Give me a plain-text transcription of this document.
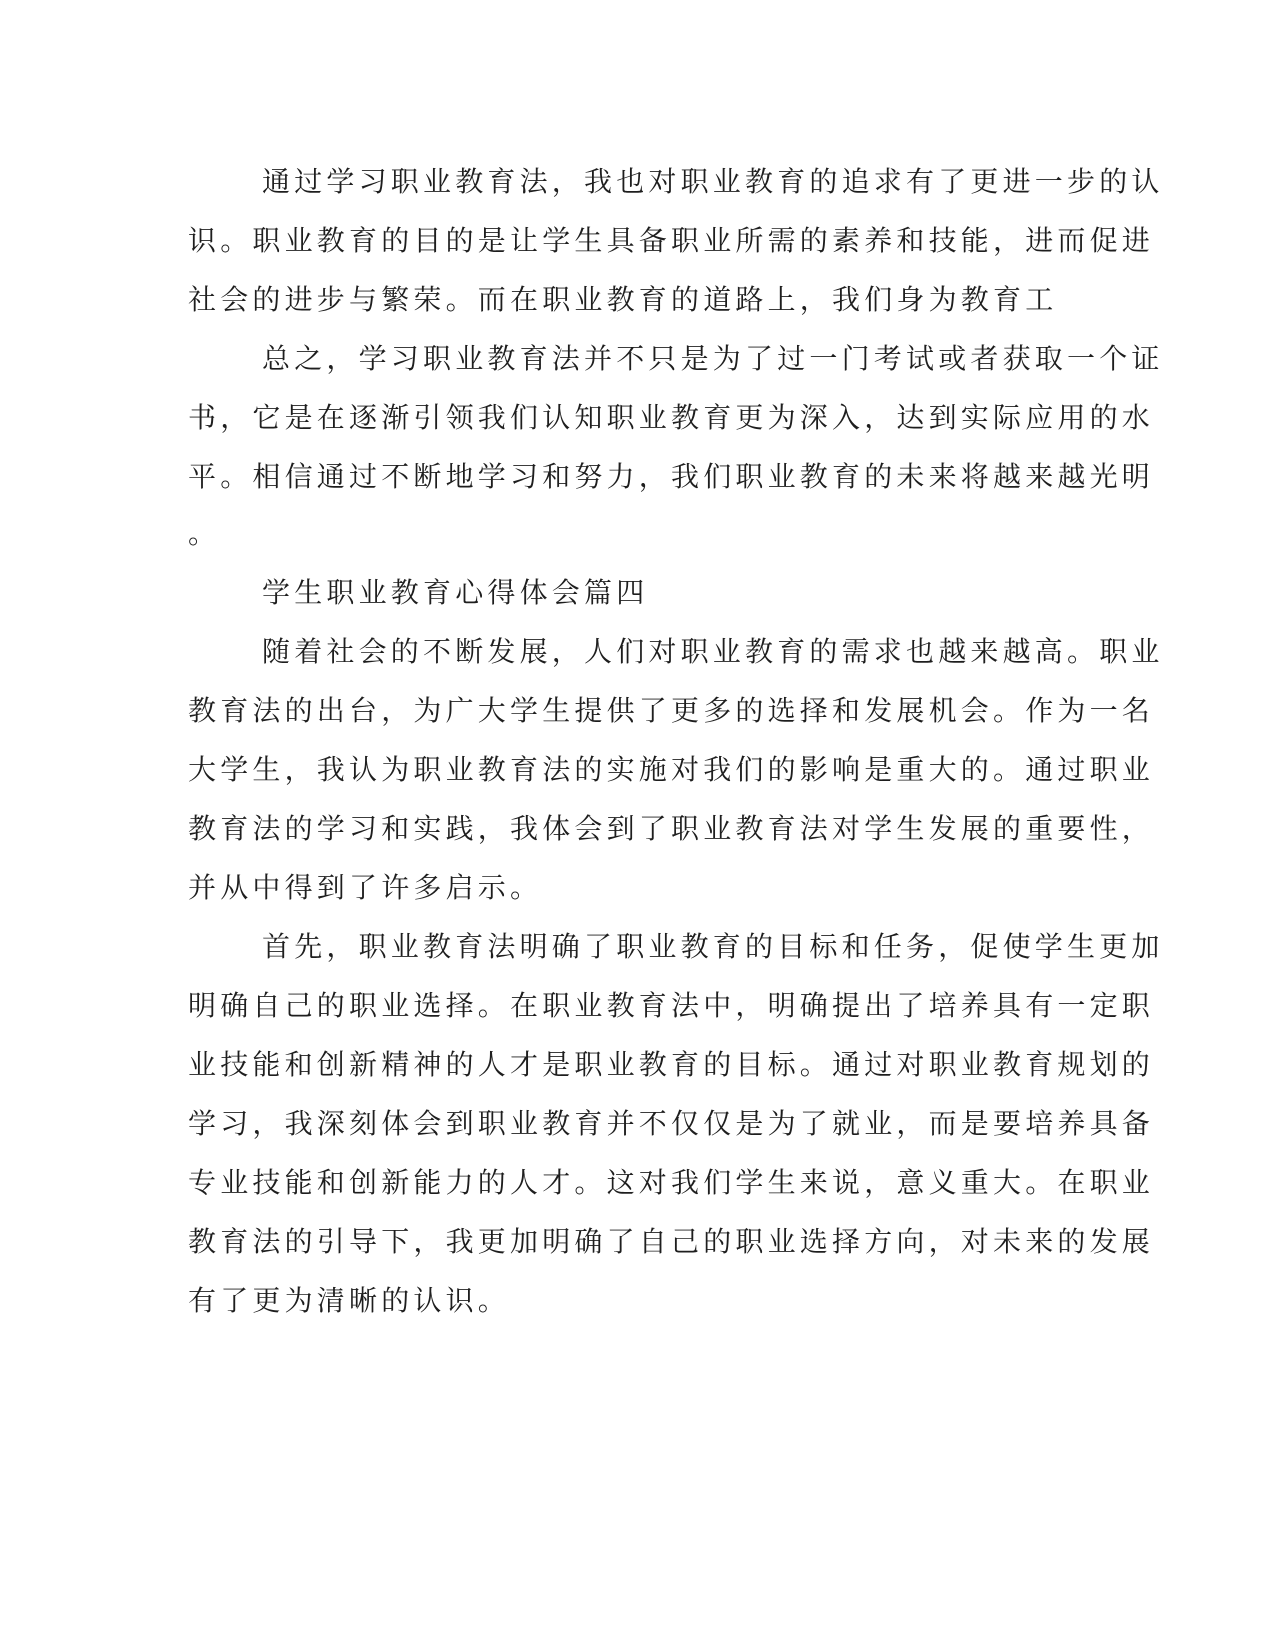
通过学习职业教育法，我也对职业教育的追求有了更进一步的认
识。职业教育的目的是让学生具备职业所需的素养和技能，进而促进
社会的进步与繁荣。而在职业教育的道路上，我们身为教育工
总之，学习职业教育法并不只是为了过一门考试或者获取一个证
书，它是在逐渐引领我们认知职业教育更为深入，达到实际应用的水
平。相信通过不断地学习和努力，我们职业教育的未来将越来越光明
。
学生职业教育心得体会篇四
随着社会的不断发展，人们对职业教育的需求也越来越高。职业
教育法的出台，为广大学生提供了更多的选择和发展机会。作为一名
大学生，我认为职业教育法的实施对我们的影响是重大的。通过职业
教育法的学习和实践，我体会到了职业教育法对学生发展的重要性，
并从中得到了许多启示。
首先，职业教育法明确了职业教育的目标和任务，促使学生更加
明确自己的职业选择。在职业教育法中，明确提出了培养具有一定职
业技能和创新精神的人才是职业教育的目标。通过对职业教育规划的
学习，我深刻体会到职业教育并不仅仅是为了就业，而是要培养具备
专业技能和创新能力的人才。这对我们学生来说，意义重大。在职业
教育法的引导下，我更加明确了自己的职业选择方向，对未来的发展
有了更为清晰的认识。
